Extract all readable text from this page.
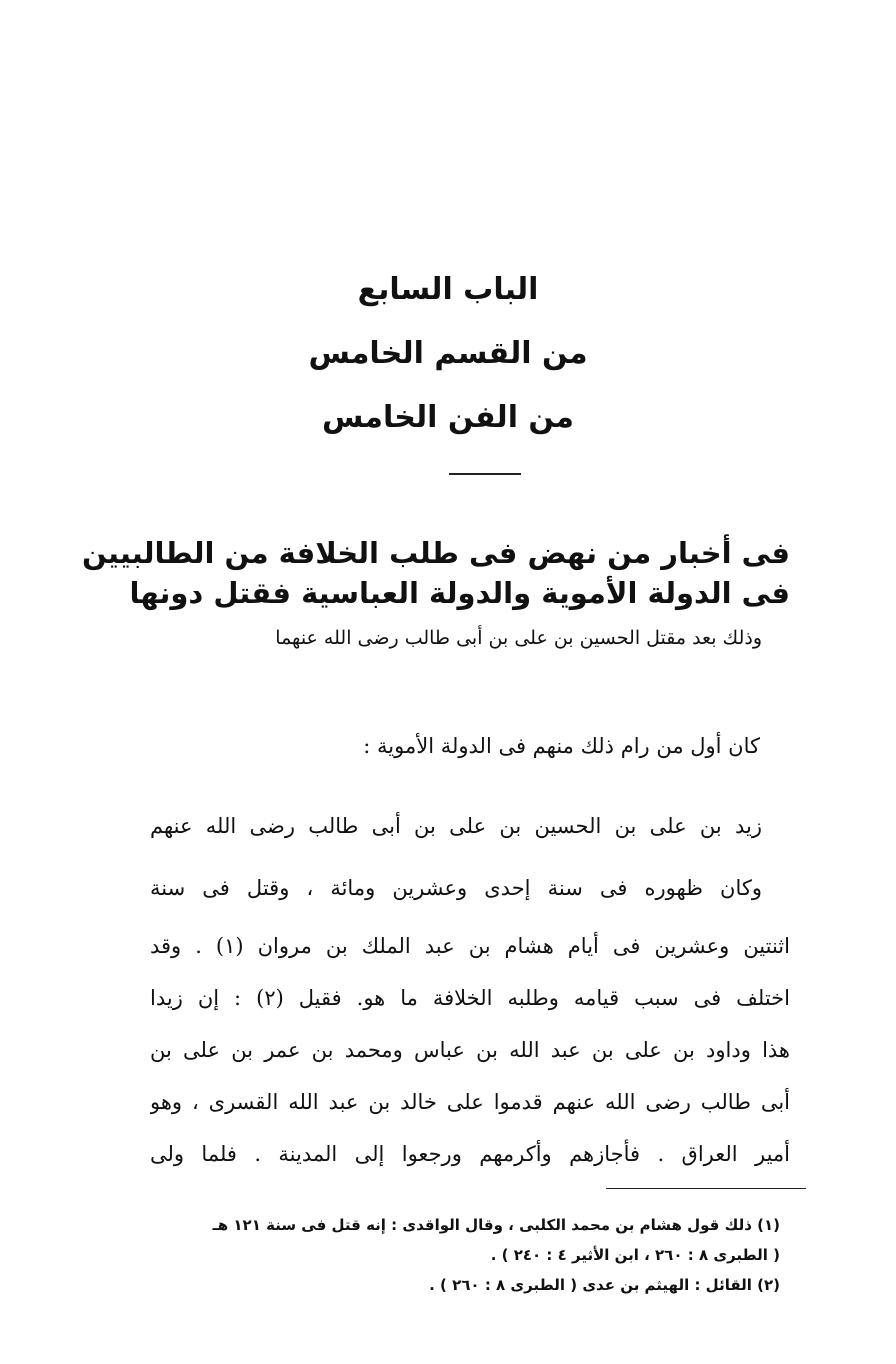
الباب السابع
من القسم الخامس
من الفن الخامس
فى أخبار من نهض فى طلب الخلافة من الطالبيين
فى الدولة الأموية والدولة العباسية فقتل دونها
وذلك بعد مقتل الحسين بن على بن أبى طالب رضى الله عنهما
كان أول من رام ذلك منهم فى الدولة الأموية :
زيد بن على بن الحسين بن على بن أبى طالب رضى الله عنهم
وكان ظهوره فى سنة إحدى وعشرين ومائة ، وقتل فى سنة
اثنتين وعشرين فى أيام هشام بن عبد الملك بن مروان (١) . وقد
اختلف فى سبب قيامه وطلبه الخلافة ما هو. فقيل (٢) : إن زيدا
هذا وداود بن على بن عبد الله بن عباس ومحمد بن عمر بن على بن
أبى طالب رضى الله عنهم قدموا على خالد بن عبد الله القسرى ، وهو
أمير العراق . فأجازهم وأكرمهم ورجعوا إلى المدينة . فلما ولى
(١) ذلك قول هشام بن محمد الكلبى ، وقال الواقدى : إنه قتل فى سنة ١٢١ هـ
( الطبرى ٨ : ٢٦٠ ، ابن الأثير ٤ : ٢٤٠ ) .
(٢) القائل : الهيثم بن عدى ( الطبرى ٨ : ٢٦٠ ) .
